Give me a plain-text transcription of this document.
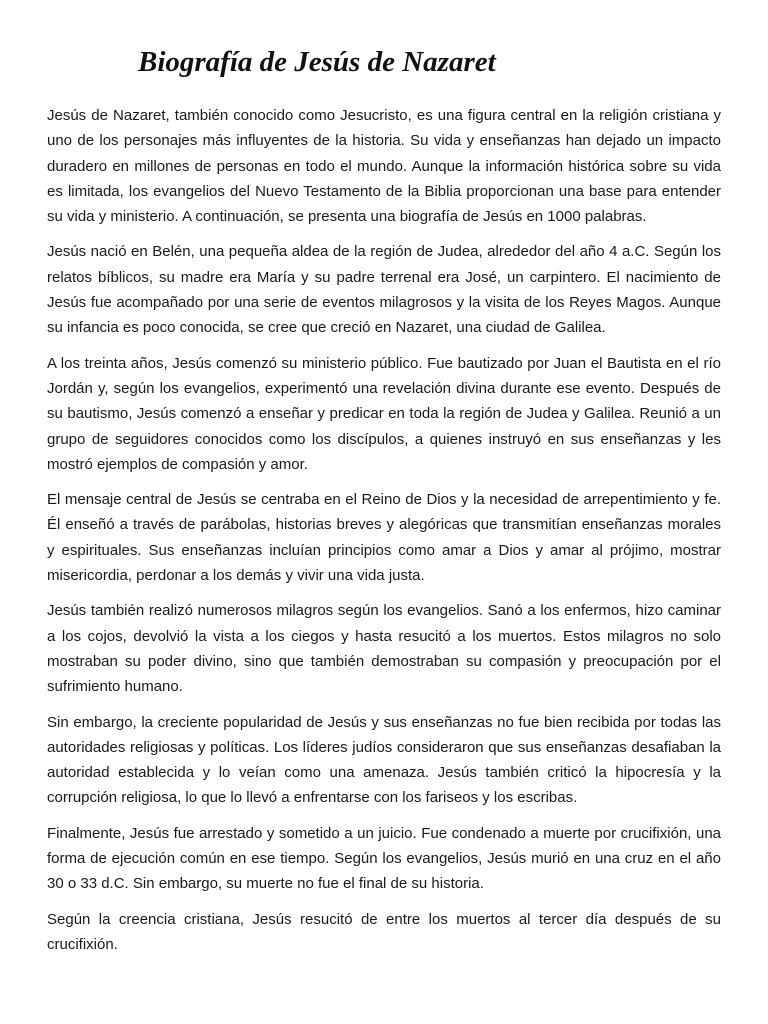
Biografía de Jesús de Nazaret

Jesús de Nazaret, también conocido como Jesucristo, es una figura central en la religión cristiana y uno de los personajes más influyentes de la historia. Su vida y enseñanzas han dejado un impacto duradero en millones de personas en todo el mundo. Aunque la información histórica sobre su vida es limitada, los evangelios del Nuevo Testamento de la Biblia proporcionan una base para entender su vida y ministerio. A continuación, se presenta una biografía de Jesús en 1000 palabras.

Jesús nació en Belén, una pequeña aldea de la región de Judea, alrededor del año 4 a.C. Según los relatos bíblicos, su madre era María y su padre terrenal era José, un carpintero. El nacimiento de Jesús fue acompañado por una serie de eventos milagrosos y la visita de los Reyes Magos. Aunque su infancia es poco conocida, se cree que creció en Nazaret, una ciudad de Galilea.

A los treinta años, Jesús comenzó su ministerio público. Fue bautizado por Juan el Bautista en el río Jordán y, según los evangelios, experimentó una revelación divina durante ese evento. Después de su bautismo, Jesús comenzó a enseñar y predicar en toda la región de Judea y Galilea. Reunió a un grupo de seguidores conocidos como los discípulos, a quienes instruyó en sus enseñanzas y les mostró ejemplos de compasión y amor.

El mensaje central de Jesús se centraba en el Reino de Dios y la necesidad de arrepentimiento y fe.  Él enseñó a través de parábolas, historias breves y alegóricas que transmitían enseñanzas morales y espirituales. Sus enseñanzas incluían principios como amar a Dios y amar al prójimo, mostrar misericordia, perdonar a los demás y vivir una vida justa.

Jesús también realizó numerosos milagros según los evangelios. Sanó a los enfermos, hizo caminar a los cojos, devolvió la vista a los ciegos y hasta resucitó a los muertos. Estos milagros no solo mostraban su poder divino, sino que también demostraban su compasión y preocupación por el sufrimiento humano.

Sin embargo, la creciente popularidad de Jesús y sus enseñanzas no fue bien recibida por todas las autoridades religiosas y políticas. Los líderes judíos consideraron que sus enseñanzas desafiaban la autoridad establecida y lo veían como una amenaza. Jesús también criticó la hipocresía y la corrupción religiosa, lo que lo llevó a enfrentarse con los fariseos y los escribas.

Finalmente, Jesús fue arrestado y sometido a un juicio. Fue condenado a muerte por crucifixión, una forma de ejecución común en ese tiempo. Según los evangelios, Jesús murió en una cruz en el año 30 o 33 d.C. Sin embargo, su muerte no fue el final de su historia.

Según la creencia cristiana, Jesús resucitó de entre los muertos al tercer día después de su crucifixión.
